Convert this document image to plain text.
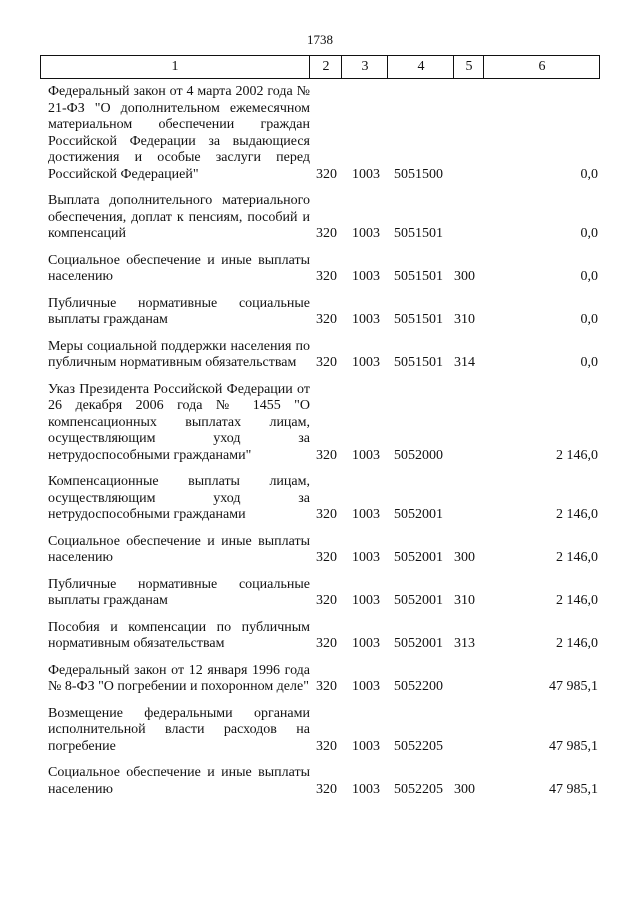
1738
1	2	3	4	5	6
Федеральный закон от 4 марта 2002 года № 21-ФЗ "О дополнительном ежемесячном материальном обеспечении граждан Российской Федерации за выдающиеся достижения и особые заслуги перед Российской Федерацией"	320 1003 5051500	0,0
Выплата дополнительного материального обеспечения, доплат к пенсиям, пособий и компенсаций	320 1003 5051501	0,0
Социальное обеспечение и иные выплаты населению	320 1003 5051501 300	0,0
Публичные нормативные социальные выплаты гражданам	320 1003 5051501 310	0,0
Меры социальной поддержки населения по публичным нормативным обязательствам	320 1003 5051501 314	0,0
Указ Президента Российской Федерации от 26 декабря 2006 года № 1455 "О компенсационных выплатах лицам, осуществляющим уход за нетрудоспособными гражданами"	320 1003 5052000	2 146,0
Компенсационные выплаты лицам, осуществляющим уход за нетрудоспособными гражданами	320 1003 5052001	2 146,0
Социальное обеспечение и иные выплаты населению	320 1003 5052001 300	2 146,0
Публичные нормативные социальные выплаты гражданам	320 1003 5052001 310	2 146,0
Пособия и компенсации по публичным нормативным обязательствам	320 1003 5052001 313	2 146,0
Федеральный закон от 12 января 1996 года № 8-ФЗ "О погребении и похоронном деле" 320 1003 5052200	47 985,1
Возмещение федеральными органами исполнительной власти расходов на погребение	320 1003 5052205	47 985,1
Социальное обеспечение и иные выплаты населению	320 1003 5052205 300	47 985,1
